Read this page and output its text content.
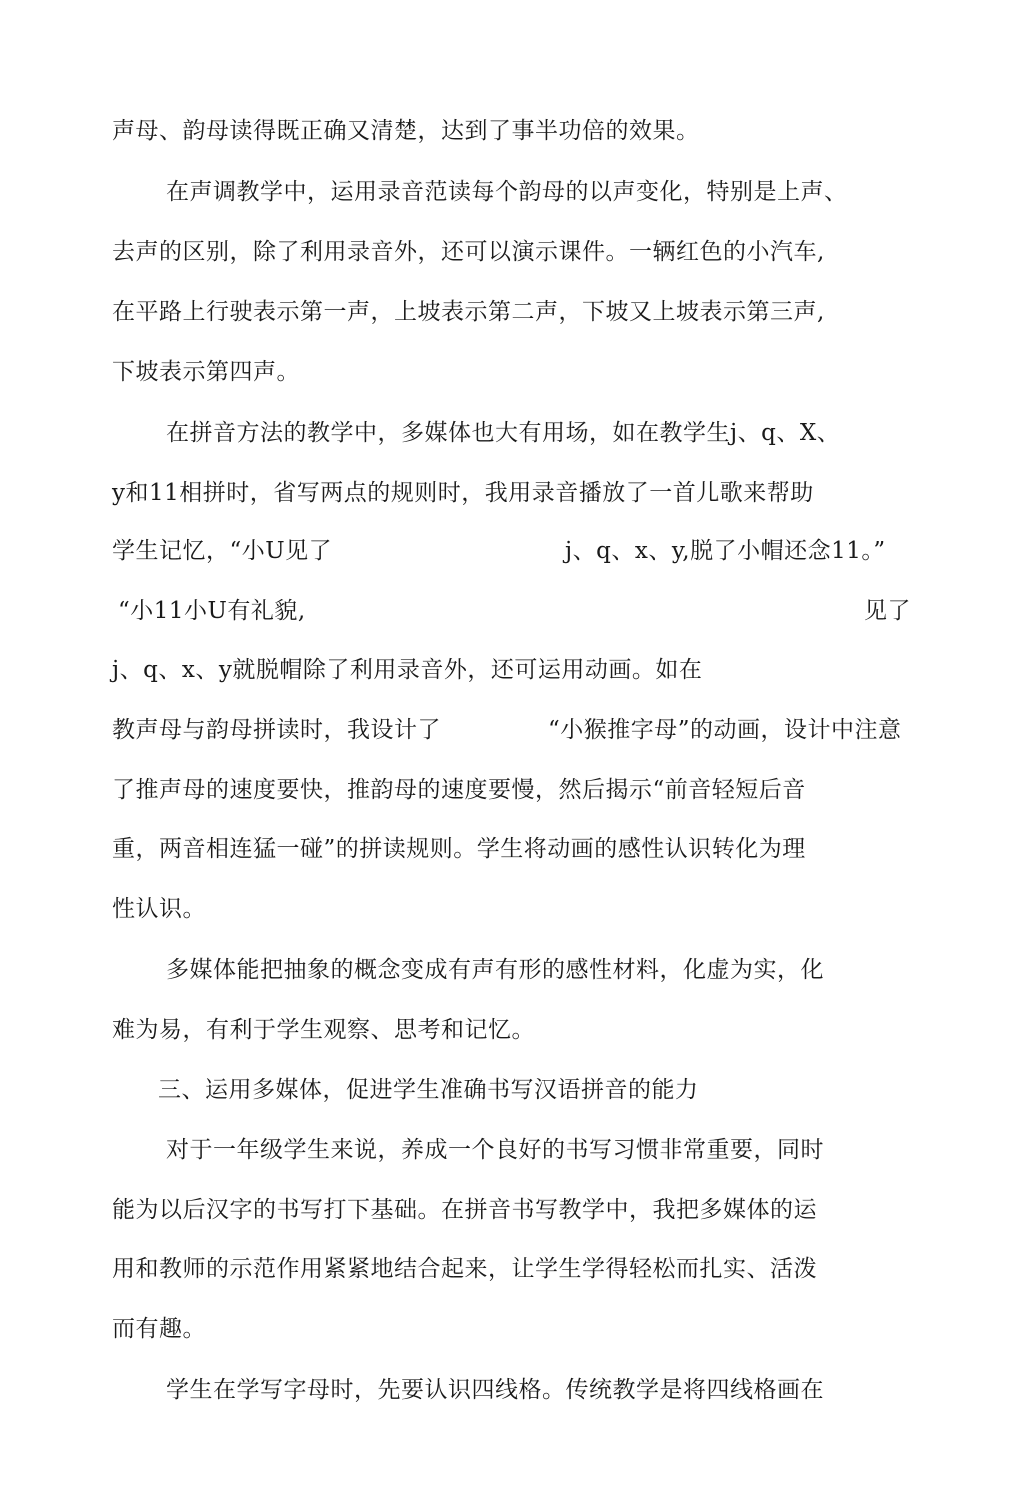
声母、韵母读得既正确又清楚，达到了事半功倍的效果。
在声调教学中，运用录音范读每个韵母的以声变化，特别是上声、
去声的区别，除了利用录音外，还可以演示课件。一辆红色的小汽车,
在平路上行驶表示第一声，上坡表示第二声，下坡又上坡表示第三声,
下坡表示第四声。
在拼音方法的教学中，多媒体也大有用场，如在教学生j、q、X、
y和11相拼时，省写两点的规则时，我用录音播放了一首儿歌来帮助
学生记忆，“小U见了	j、q、x、y,脱了小帽还念11。”
“小11小U有礼貌,	见了
j、q、x、y就脱帽除了利用录音外，还可运用动画。如在
教声母与韵母拼读时，我设计了	“小猴推字母”的动画，设计中注意
了推声母的速度要快，推韵母的速度要慢，然后揭示“前音轻短后音
重，两音相连猛一碰”的拼读规则。学生将动画的感性认识转化为理
性认识。
多媒体能把抽象的概念变成有声有形的感性材料，化虚为实，化
难为易，有利于学生观察、思考和记忆。
三、运用多媒体，促进学生准确书写汉语拼音的能力
对于一年级学生来说，养成一个良好的书写习惯非常重要，同时
能为以后汉字的书写打下基础。在拼音书写教学中，我把多媒体的运
用和教师的示范作用紧紧地结合起来，让学生学得轻松而扎实、活泼
而有趣。
学生在学写字母时，先要认识四线格。传统教学是将四线格画在
